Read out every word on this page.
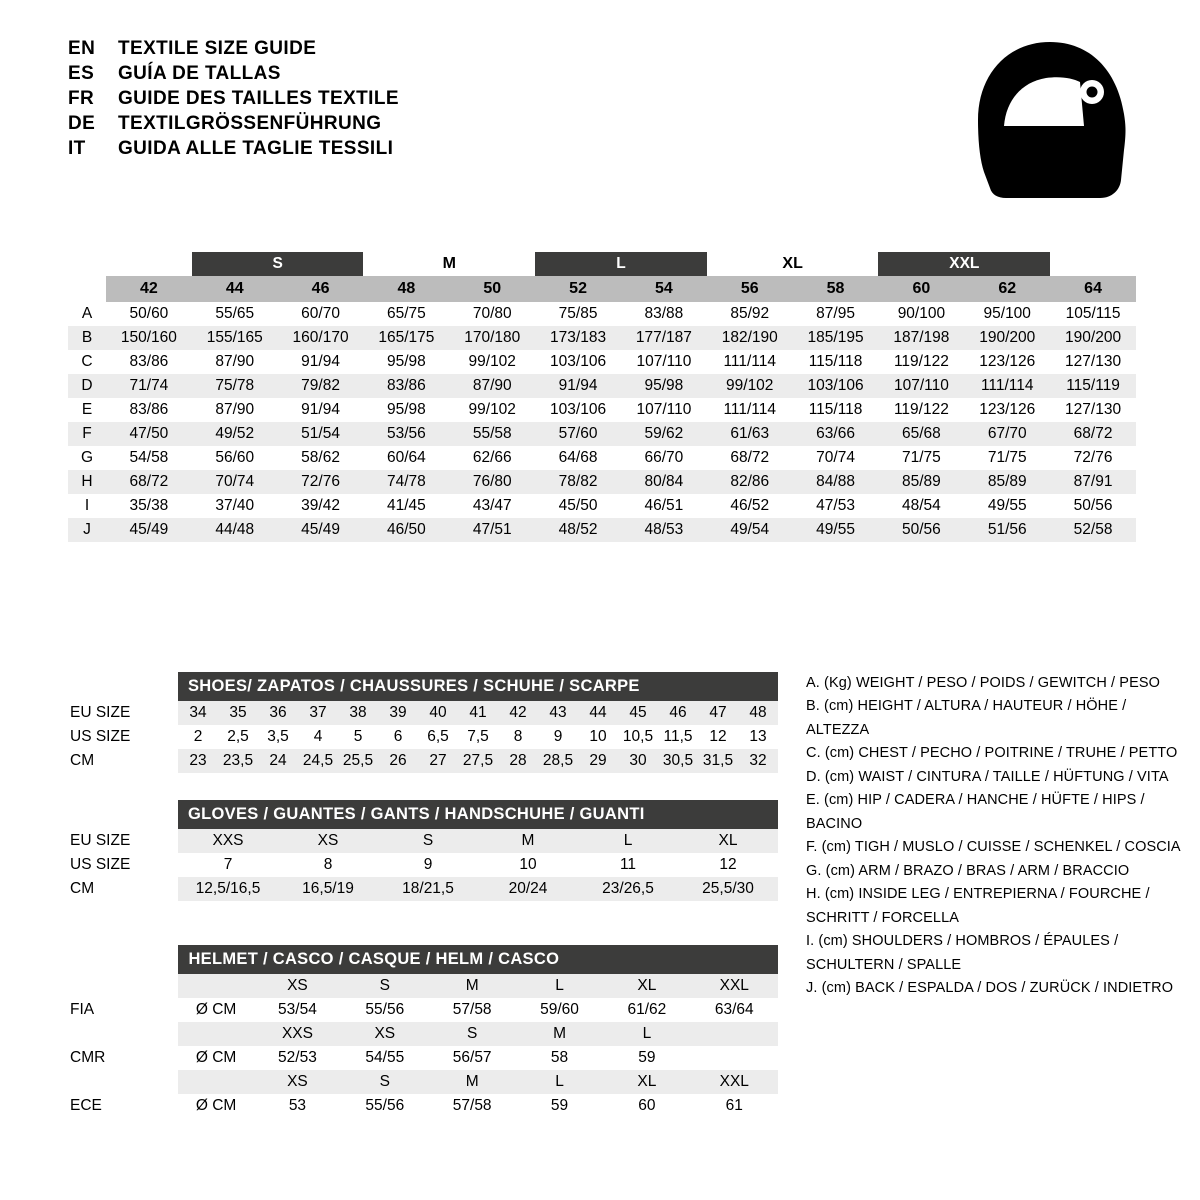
EN	TEXTILE SIZE GUIDE
ES	GUÍA DE TALLAS
FR	GUIDE DES TAILLES TEXTILE
DE	TEXTILGRÖSSENFÜHRUNG
IT	GUIDA ALLE TAGLIE TESSILI
		S		M		L		XL		XXL		
	42	44	46	48	50	52	54	56	58	60	62	64
A	50/60	55/65	60/70	65/75	70/80	75/85	83/88	85/92	87/95	90/100	95/100	105/115
B	150/160	155/165	160/170	165/175	170/180	173/183	177/187	182/190	185/195	187/198	190/200	190/200
C	83/86	87/90	91/94	95/98	99/102	103/106	107/110	111/114	115/118	119/122	123/126	127/130
D	71/74	75/78	79/82	83/86	87/90	91/94	95/98	99/102	103/106	107/110	111/114	115/119
E	83/86	87/90	91/94	95/98	99/102	103/106	107/110	111/114	115/118	119/122	123/126	127/130
F	47/50	49/52	51/54	53/56	55/58	57/60	59/62	61/63	63/66	65/68	67/70	68/72
G	54/58	56/60	58/62	60/64	62/66	64/68	66/70	68/72	70/74	71/75	71/75	72/76
H	68/72	70/74	72/76	74/78	76/80	78/82	80/84	82/86	84/88	85/89	85/89	87/91
I	35/38	37/40	39/42	41/45	43/47	45/50	46/51	46/52	47/53	48/54	49/55	50/56
J	45/49	44/48	45/49	46/50	47/51	48/52	48/53	49/54	49/55	50/56	51/56	52/58
	SHOES/ ZAPATOS / CHAUSSURES / SCHUHE / SCARPE														
EU SIZE	34	35	36	37	38	39	40	41	42	43	44	45	46	47	48
US SIZE	2	2,5	3,5	4	5	6	6,5	7,5	8	9	10	10,5	11,5	12	13
CM	23	23,5	24	24,5	25,5	26	27	27,5	28	28,5	29	30	30,5	31,5	32
	GLOVES / GUANTES / GANTS / HANDSCHUHE / GUANTI					
EU SIZE	XXS	XS	S	M	L	XL
US SIZE	7	8	9	10	11	12
CM	12,5/16,5	16,5/19	18/21,5	20/24	23/26,5	25,5/30
	HELMET / CASCO / CASQUE / HELM / CASCO						
		XS	S	M	L	XL	XXL
FIA	Ø CM	53/54	55/56	57/58	59/60	61/62	63/64
		XXS	XS	S	M	L	
CMR	Ø CM	52/53	54/55	56/57	58	59	
		XS	S	M	L	XL	XXL
ECE	Ø CM	53	55/56	57/58	59	60	61
A. (Kg) WEIGHT / PESO / POIDS / GEWITCH / PESO
B. (cm) HEIGHT / ALTURA / HAUTEUR / HÖHE / ALTEZZA
C. (cm) CHEST / PECHO / POITRINE / TRUHE / PETTO
D. (cm) WAIST / CINTURA / TAILLE / HÜFTUNG / VITA
E. (cm) HIP / CADERA / HANCHE / HÜFTE / HIPS / BACINO
F. (cm) TIGH / MUSLO / CUISSE / SCHENKEL / COSCIA
G. (cm) ARM / BRAZO / BRAS / ARM / BRACCIO
H. (cm) INSIDE LEG / ENTREPIERNA / FOURCHE /
SCHRITT / FORCELLA
I. (cm) SHOULDERS / HOMBROS / ÉPAULES /
SCHULTERN / SPALLE
J. (cm) BACK / ESPALDA / DOS / ZURÜCK / INDIETRO
